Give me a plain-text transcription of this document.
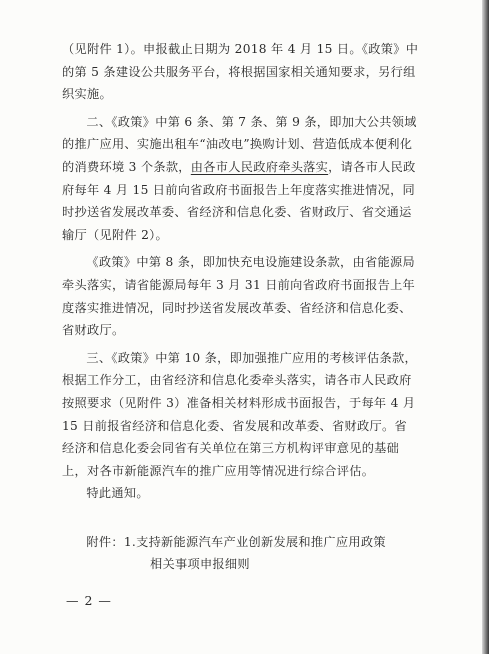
（见附件 1）。申报截止日期为 2018 年 4 月 15 日。《政策》中
的第 5 条建设公共服务平台，将根据国家相关通知要求，另行组
织实施。
二、《政策》中第 6 条、第 7 条、第 9 条，即加大公共领域
的推广应用、实施出租车“油改电”换购计划、营造低成本便利化
的消费环境 3 个条款，由各市人民政府牵头落实，请各市人民政
府每年 4 月 15 日前向省政府书面报告上年度落实推进情况，同
时抄送省发展改革委、省经济和信息化委、省财政厅、省交通运
输厅（见附件 2）。
《政策》中第 8 条，即加快充电设施建设条款，由省能源局
牵头落实，请省能源局每年 3 月 31 日前向省政府书面报告上年
度落实推进情况，同时抄送省发展改革委、省经济和信息化委、
省财政厅。
三、《政策》中第 10 条，即加强推广应用的考核评估条款，
根据工作分工，由省经济和信息化委牵头落实，请各市人民政府
按照要求（见附件 3）准备相关材料形成书面报告，于每年 4 月
15 日前报省经济和信息化委、省发展和改革委、省财政厅。省
经济和信息化委会同省有关单位在第三方机构评审意见的基础
上，对各市新能源汽车的推广应用等情况进行综合评估。
特此通知。
附件：1.支持新能源汽车产业创新发展和推广应用政策
相关事项申报细则
— 2 —
